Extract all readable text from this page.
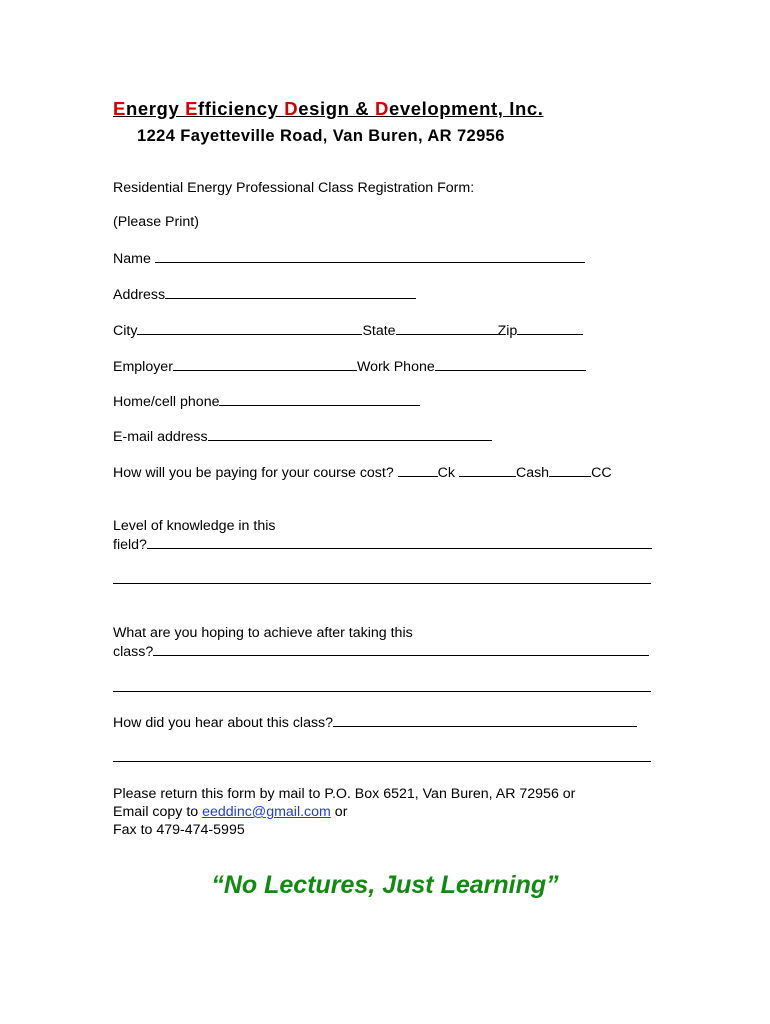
Energy Efficiency Design & Development, Inc.
1224 Fayetteville Road, Van Buren, AR 72956
Residential Energy Professional Class Registration Form:
(Please Print)
Name
Address
City	State	Zip
Employer	Work Phone
Home/cell phone
E-mail address
How will you be paying for your course cost?	Ck	Cash	CC
Level of knowledge in this
field?
What are you hoping to achieve after taking this
class?
How did you hear about this class?
Please return this form by mail to P.O. Box 6521, Van Buren, AR 72956 or
Email copy to eeddinc@gmail.com or
Fax to 479-474-5995
“No Lectures, Just Learning”
